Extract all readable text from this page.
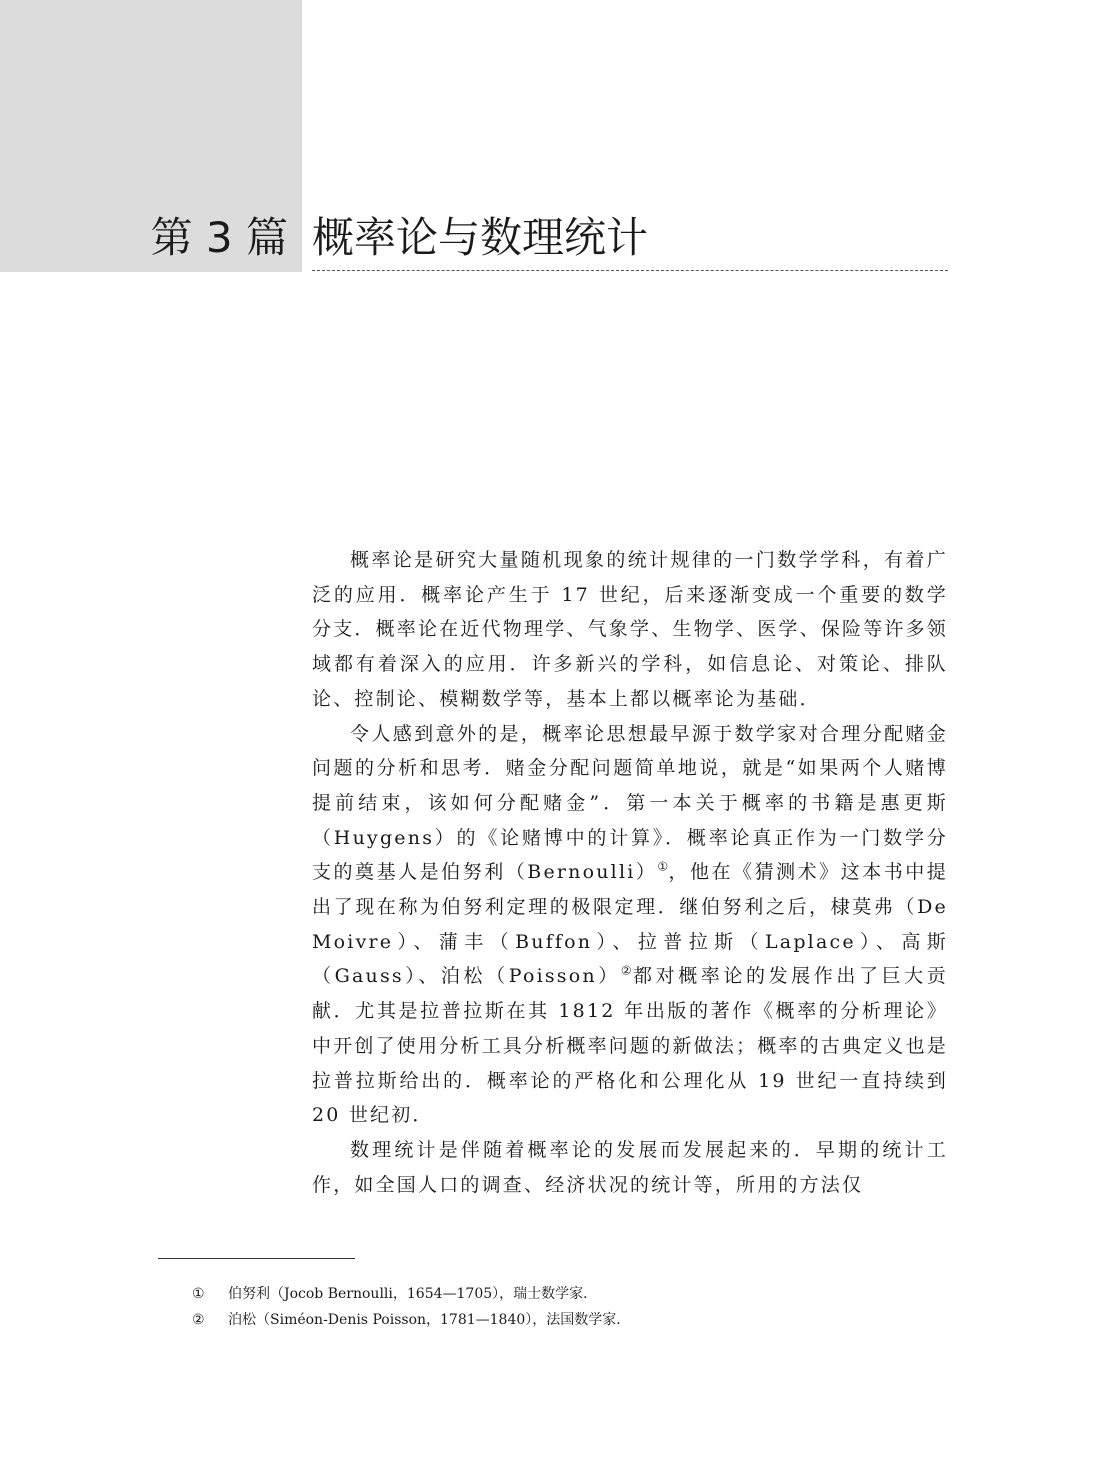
第 3 篇 概率论与数理统计

概率论是研究大量随机现象的统计规律的一门数学学科，有着广泛的应用．概率论产生于 17 世纪，后来逐渐变成一个重要的数学分支．概率论在近代物理学、气象学、生物学、医学、保险等许多领域都有着深入的应用．许多新兴的学科，如信息论、对策论、排队论、控制论、模糊数学等，基本上都以概率论为基础．

令人感到意外的是，概率论思想最早源于数学家对合理分配赌金问题的分析和思考．赌金分配问题简单地说，就是“如果两个人赌博提前结束，该如何分配赌金”．第一本关于概率的书籍是惠更斯（Huygens）的《论赌博中的计算》．概率论真正作为一门数学分支的奠基人是伯努利（Bernoulli）①，他在《猜测术》这本书中提出了现在称为伯努利定理的极限定理．继伯努利之后，棣莫弗（De Moivre）、蒲丰（Buffon）、拉普拉斯（Laplace）、高斯（Gauss）、泊松（Poisson）②都对概率论的发展作出了巨大贡献．尤其是拉普拉斯在其 1812 年出版的著作《概率的分析理论》中开创了使用分析工具分析概率问题的新做法；概率的古典定义也是拉普拉斯给出的．概率论的严格化和公理化从 19 世纪一直持续到 20 世纪初．

数理统计是伴随着概率论的发展而发展起来的．早期的统计工作，如全国人口的调查、经济状况的统计等，所用的方法仅

① 伯努利（Jocob Bernoulli，1654—1705），瑞士数学家．
② 泊松（Siméon-Denis Poisson，1781—1840），法国数学家．
